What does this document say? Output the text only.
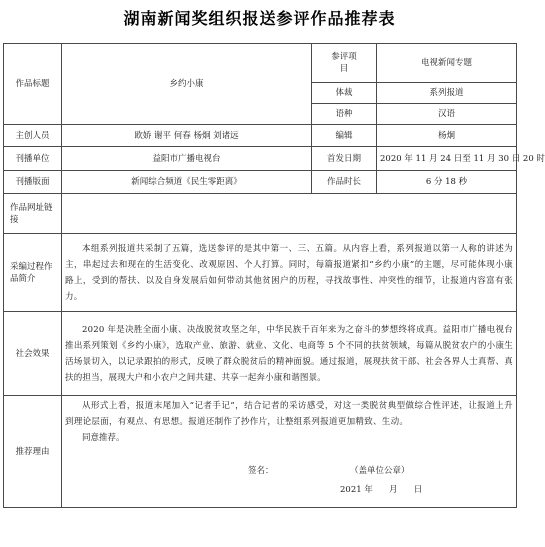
湖南新闻奖组织报送参评作品推荐表
作品标题	乡约小康	参评项目	电视新闻专题
		体裁	系列报道
		语种	汉语
主创人员	欧娇 谢平 何春 杨炯 刘诸远	编辑	杨炯
刊播单位	益阳市广播电视台	首发日期	2020 年 11 月 24 日至 11 月 30 日 20 时
刊播版面	新闻综合频道《民生零距离》	作品时长	6 分 18 秒
作品网址链接			
采编过程作品简介	本组系列报道共采制了五篇，选送参评的是其中第一、三、五篇。从内容上看，系列报道以第一人称的讲述为主，串起过去和现在的生活变化、改观原因、个人打算。同时，每篇报道紧扣“乡约小康”的主题，尽可能体现小康路上，受到的帮扶、以及自身发展后如何带动其他贫困户的历程，寻找故事性、冲突性的细节，让报道内容富有张力。		

社会效果	2020 年是决胜全面小康、决战脱贫攻坚之年，中华民族千百年来为之奋斗的梦想终将成真。益阳市广播电视台推出系列策划《乡约小康》，选取产业、旅游、就业、文化、电商等 5 个不同的扶贫领域，每篇从脱贫农户的小康生活场景切入，以记录跟拍的形式，反映了群众脱贫后的精神面貌。通过报道，展现扶贫干部、社会各界人士真帮、真扶的担当，展现大户和小农户之间共建、共享一起奔小康和谐图景。		

推荐理由	从形式上看，报道末尾加入“记者手记”，结合记者的采访感受，对这一类脱贫典型做综合性评述，让报道上升到理论层面，有观点、有思想。报道还制作了抄作片，让整组系列报道更加精致、生动。
同意推荐。
签名： （盖单位公章）
2021 年      月      日		
